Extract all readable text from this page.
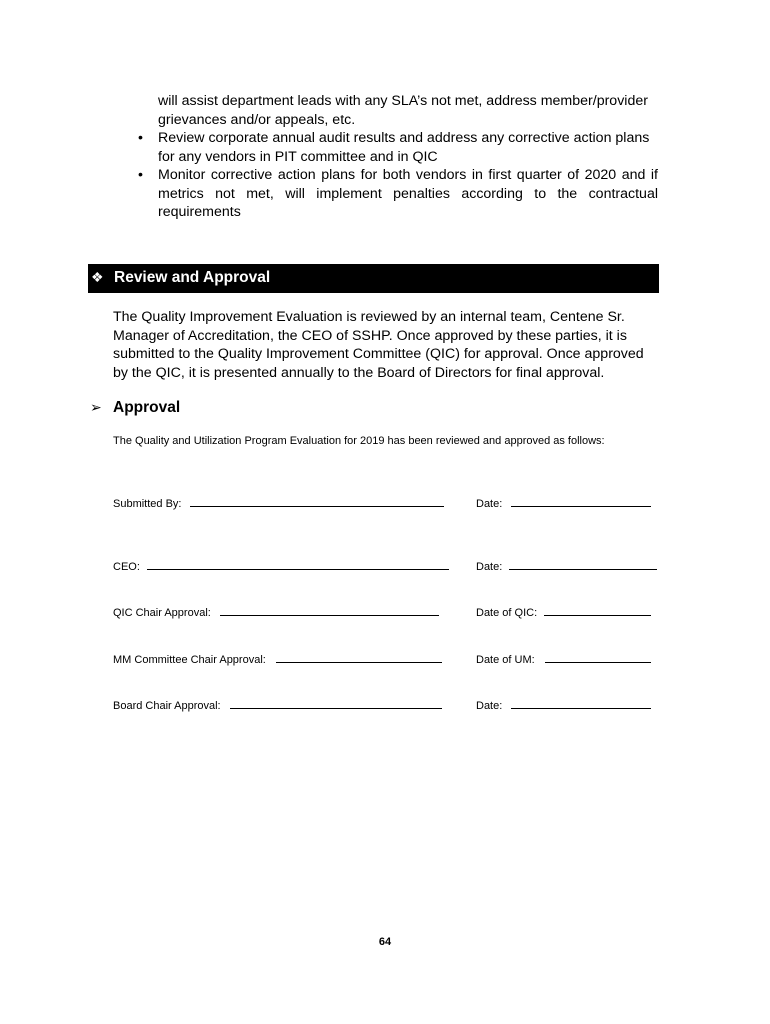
will assist department leads with any SLA’s not met, address member/provider grievances and/or appeals, etc.
• Review corporate annual audit results and address any corrective action plans for any vendors in PIT committee and in QIC
• Monitor corrective action plans for both vendors in first quarter of 2020 and if metrics not met, will implement penalties according to the contractual requirements
❖ Review and Approval
The Quality Improvement Evaluation is reviewed by an internal team, Centene Sr. Manager of Accreditation, the CEO of SSHP. Once approved by these parties, it is submitted to the Quality Improvement Committee (QIC) for approval. Once approved by the QIC, it is presented annually to the Board of Directors for final approval.
➢ Approval
The Quality and Utilization Program Evaluation for 2019 has been reviewed and approved as follows:
Submitted By:	Date:
CEO:	Date:
QIC Chair Approval:	Date of QIC:
MM Committee Chair Approval:	Date of UM:
Board Chair Approval:	Date:
64
